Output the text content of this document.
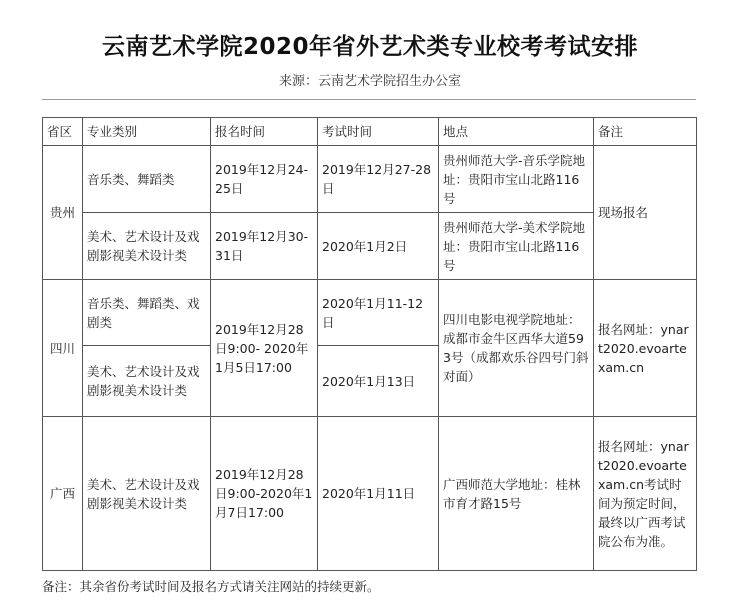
云南艺术学院2020年省外艺术类专业校考考试安排
来源：云南艺术学院招生办公室
省区	专业类别	报名时间	考试时间	地点	备注
贵州	音乐类、舞蹈类	2019年12月24-25日	2019年12月27-28日	贵州师范大学-音乐学院地址：贵阳市宝山北路116号	现场报名
	美术、艺术设计及戏剧影视美术设计类	2019年12月30-31日	2020年1月2日	贵州师范大学-美术学院地址：贵阳市宝山北路116号	
四川	音乐类、舞蹈类、戏剧类	2019年12月28日9:00- 2020年1月5日17:00	2020年1月11-12日	四川电影电视学院地址：成都市金牛区西华大道593号（成都欢乐谷四号门斜对面）	报名网址：ynart2020.evoartexam.cn
	美术、艺术设计及戏剧影视美术设计类		2020年1月13日		
广西	美术、艺术设计及戏剧影视美术设计类	2019年12月28日9:00-2020年1月7日17:00	2020年1月11日	广西师范大学地址：桂林市育才路15号	报名网址：ynart2020.evoartexam.cn考试时间为预定时间，最终以广西考试院公布为准。
备注：其余省份考试时间及报名方式请关注网站的持续更新。
